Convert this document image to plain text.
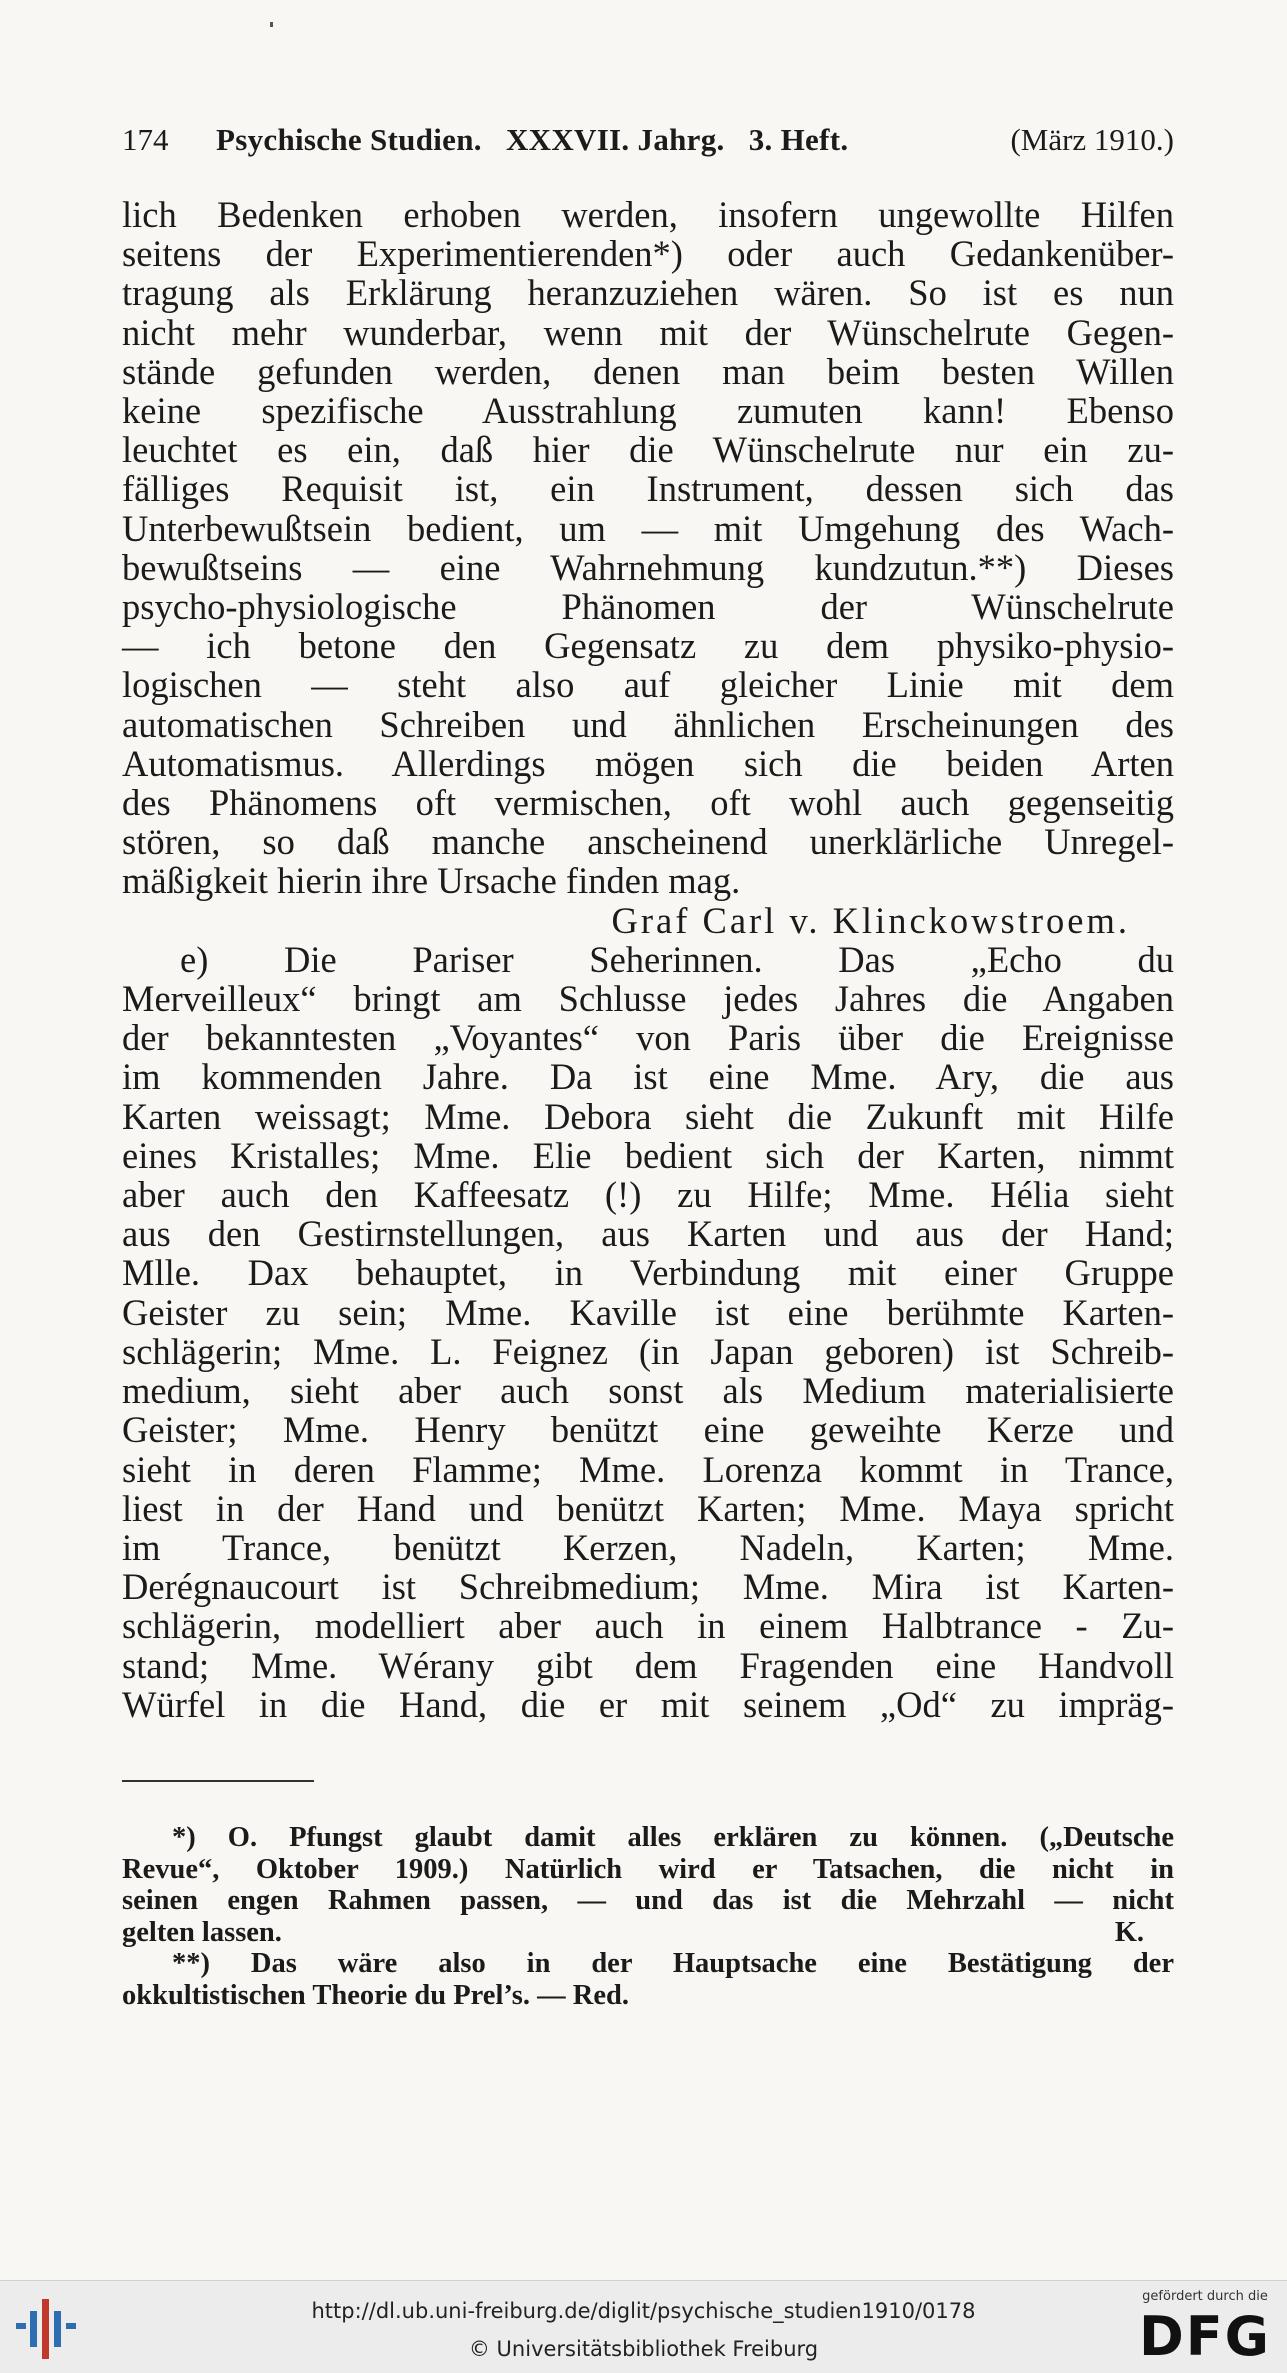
174 Psychische Studien.   XXXVII. Jahrg.   3. Heft.	(März 1910.)

lich Bedenken erhoben werden, insofern ungewollte Hilfen

seitens der Experimentierenden*) oder auch Gedankenüber-

tragung als Erklärung heranzuziehen wären. So ist es nun

nicht mehr wunderbar, wenn mit der Wünschelrute Gegen-

stände gefunden werden, denen man beim besten Willen

keine spezifische Ausstrahlung zumuten kann! Ebenso

leuchtet es ein, daß hier die Wünschelrute nur ein zu-

fälliges Requisit ist, ein Instrument, dessen sich das

Unterbewußtsein bedient, um — mit Umgehung des Wach-

bewußtseins — eine Wahrnehmung kundzutun.**) Dieses

psycho-physiologische Phänomen der Wünschelrute

— ich betone den Gegensatz zu dem physiko-physio-

logischen — steht also auf gleicher Linie mit dem

automatischen Schreiben und ähnlichen Erscheinungen des

Automatismus. Allerdings mögen sich die beiden Arten

des Phänomens oft vermischen, oft wohl auch gegenseitig

stören, so daß manche anscheinend unerklärliche Unregel-

mäßigkeit hierin ihre Ursache finden mag.

Graf Carl v. Klinckowstroem.

e) Die Pariser Seherinnen. Das „Echo du

Merveilleux“ bringt am Schlusse jedes Jahres die Angaben

der bekanntesten „Voyantes“ von Paris über die Ereignisse

im kommenden Jahre. Da ist eine Mme. Ary, die aus

Karten weissagt; Mme. Debora sieht die Zukunft mit Hilfe

eines Kristalles; Mme. Elie bedient sich der Karten, nimmt

aber auch den Kaffeesatz (!) zu Hilfe; Mme. Hélia sieht

aus den Gestirnstellungen, aus Karten und aus der Hand;

Mlle. Dax behauptet, in Verbindung mit einer Gruppe

Geister zu sein; Mme. Kaville ist eine berühmte Karten-

schlägerin; Mme. L. Feignez (in Japan geboren) ist Schreib-

medium, sieht aber auch sonst als Medium materialisierte

Geister; Mme. Henry benützt eine geweihte Kerze und

sieht in deren Flamme; Mme. Lorenza kommt in Trance,

liest in der Hand und benützt Karten; Mme. Maya spricht

im Trance, benützt Kerzen, Nadeln, Karten; Mme.

Derégnaucourt ist Schreibmedium; Mme. Mira ist Karten-

schlägerin, modelliert aber auch in einem Halbtrance - Zu-

stand; Mme. Wérany gibt dem Fragenden eine Handvoll

Würfel in die Hand, die er mit seinem „Od“ zu impräg-

*) O. Pfungst glaubt damit alles erklären zu können. („Deutsche

Revue“, Oktober 1909.) Natürlich wird er Tatsachen, die nicht in

seinen engen Rahmen passen, — und das ist die Mehrzahl — nicht

gelten lassen.	K.

**) Das wäre also in der Hauptsache eine Bestätigung der

okkultistischen Theorie du Prel’s. — Red.

http://dl.ub.uni-freiburg.de/diglit/psychische_studien1910/0178
© Universitätsbibliothek Freiburg
gefördert durch die
DFG
